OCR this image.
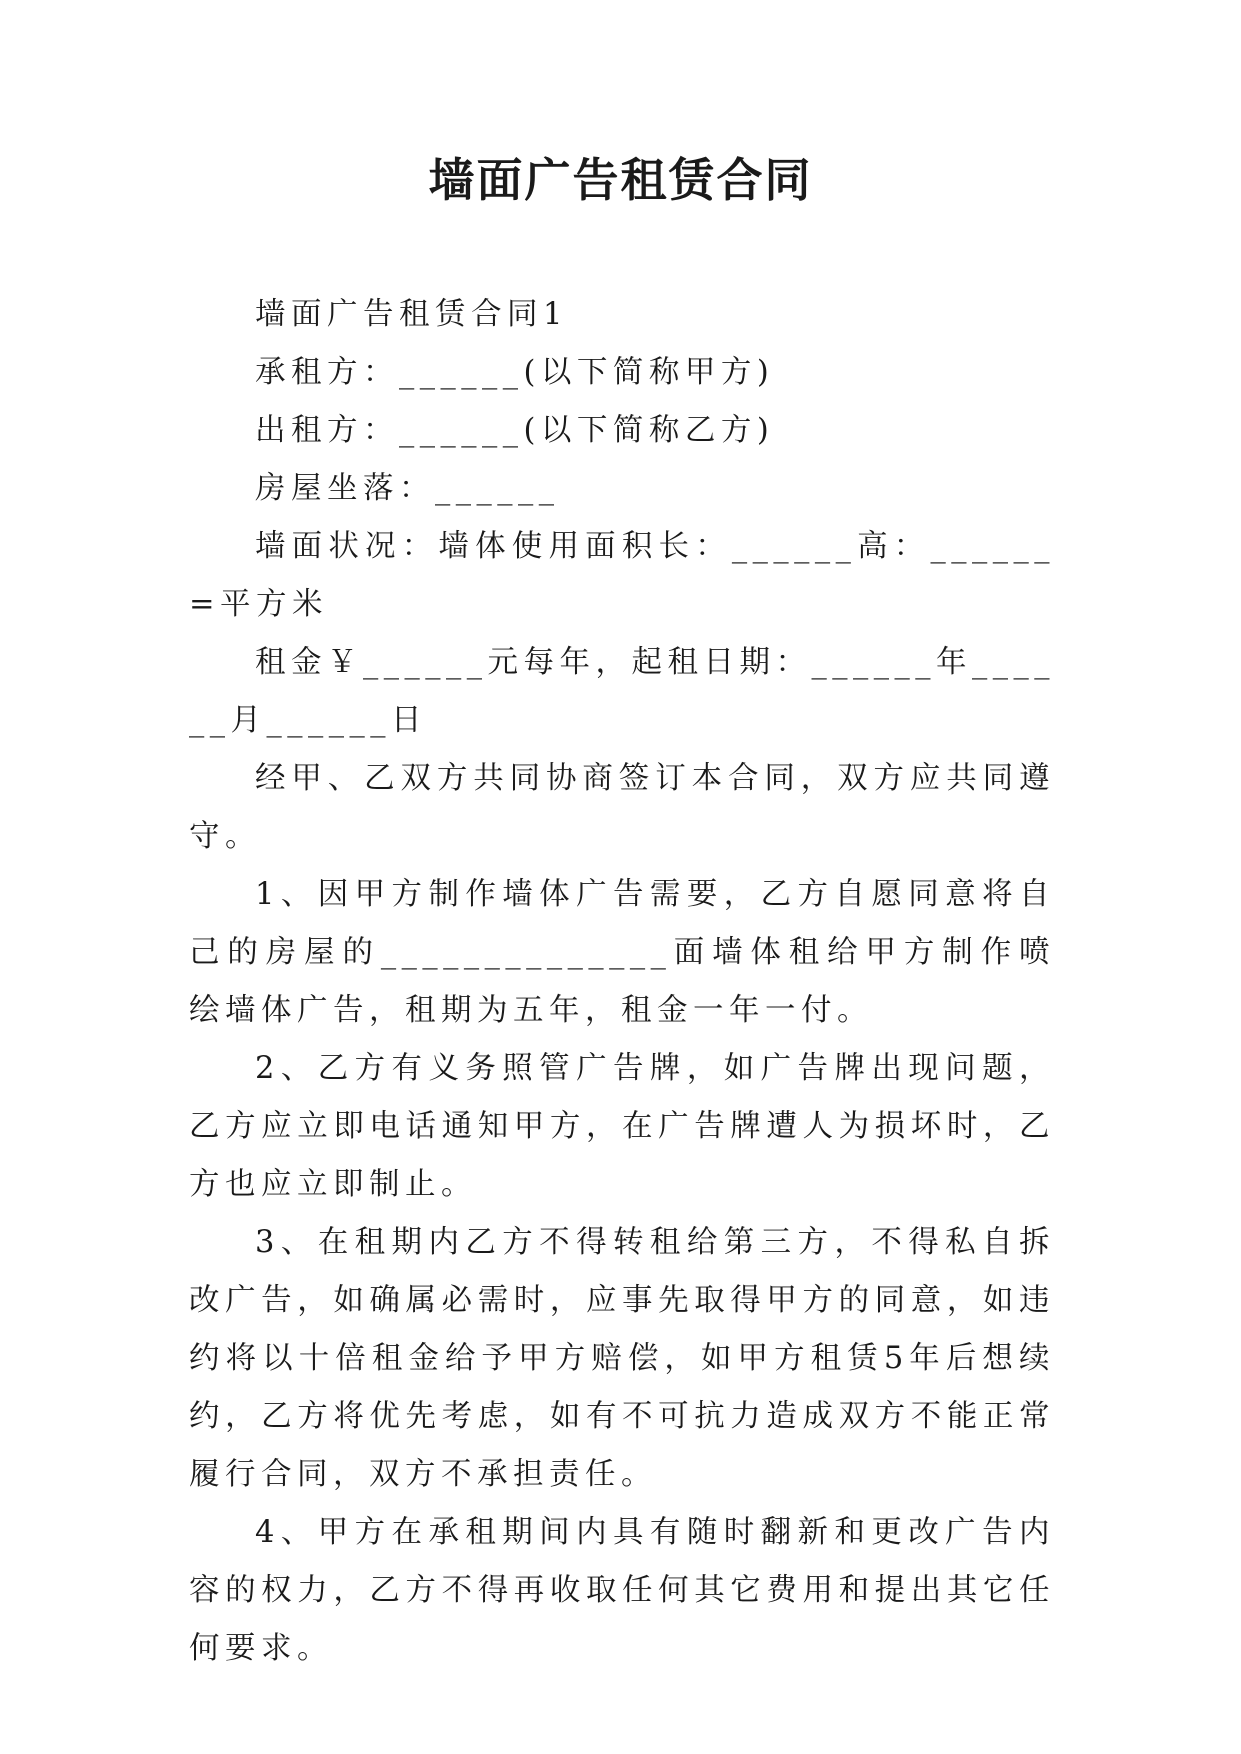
墙面广告租赁合同

墙面广告租赁合同1

承租方：______(以下简称甲方)

出租方：______(以下简称乙方)

房屋坐落：______

墙面状况：墙体使用面积长：______高：______=平方米

租金￥______元每年，起租日期：______年______月______日

经甲、乙双方共同协商签订本合同，双方应共同遵守。

1、因甲方制作墙体广告需要，乙方自愿同意将自己的房屋的______________面墙体租给甲方制作喷绘墙体广告，租期为五年，租金一年一付。

2、乙方有义务照管广告牌，如广告牌出现问题，乙方应立即电话通知甲方，在广告牌遭人为损坏时，乙方也应立即制止。

3、在租期内乙方不得转租给第三方，不得私自拆改广告，如确属必需时，应事先取得甲方的同意，如违约将以十倍租金给予甲方赔偿，如甲方租赁5年后想续约，乙方将优先考虑，如有不可抗力造成双方不能正常履行合同，双方不承担责任。

4、甲方在承租期间内具有随时翻新和更改广告内容的权力，乙方不得再收取任何其它费用和提出其它任何要求。
